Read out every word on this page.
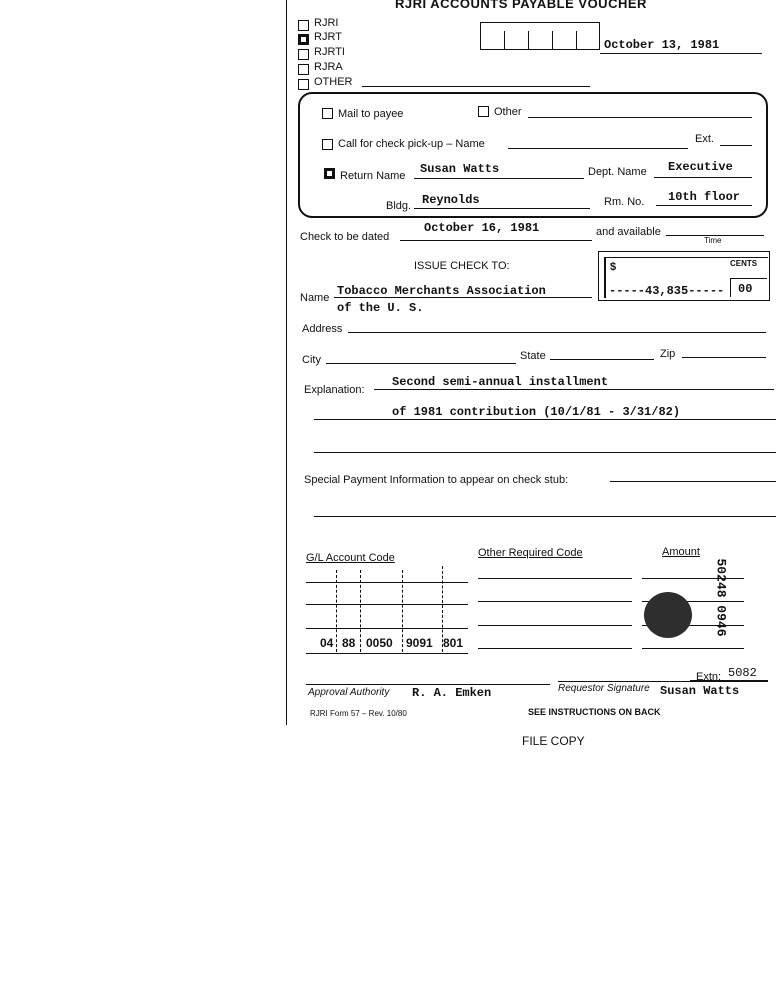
RJRI ACCOUNTS PAYABLE VOUCHER
RJRI
RJRT
RJRTI
RJRA
OTHER
October 13, 1981
Mail to payee	Other
Call for check pick-up – Name	Ext.
Return Name Susan Watts	Dept. Name Executive
Bldg. Reynolds	Rm. No. 10th floor
Check to be dated
October 16, 1981	and available
Time
ISSUE CHECK TO:	$	CENTS
-----43,835----- 00
Name Tobacco Merchants Association
of the U. S.
Address
City	State	Zip
Explanation:
Second semi-annual installment
of 1981 contribution (10/1/81 - 3/31/82)
Special Payment Information to appear on check stub:
G/L Account Code	Other Required Code	Amount
04 88 0050 9091 801
50248 0946
Extn: 5082
Approval Authority R. A. Emken	Requestor Signature Susan Watts
RJRI Form 57 – Rev. 10/80	SEE INSTRUCTIONS ON BACK
FILE COPY
